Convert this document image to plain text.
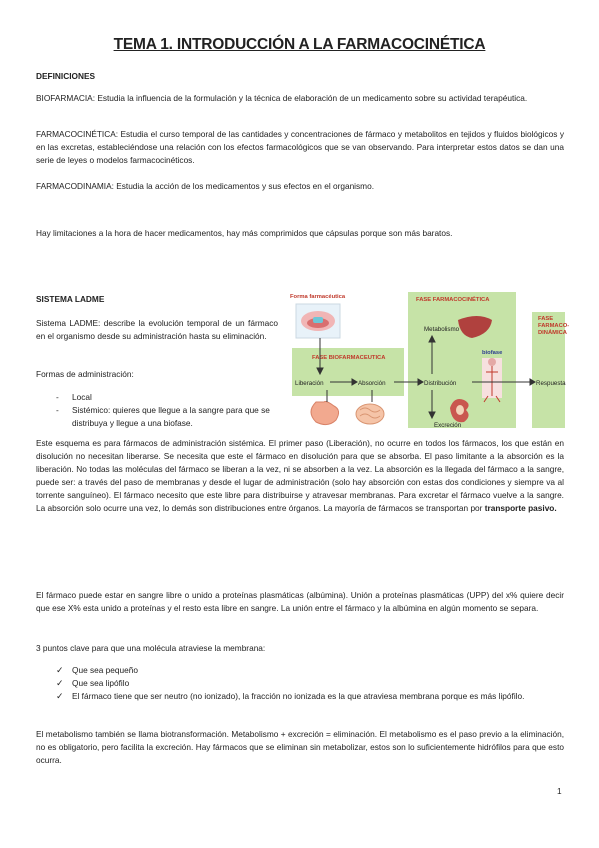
TEMA 1. INTRODUCCIÓN A LA FARMACOCINÉTICA

DEFINICIONES

BIOFARMACIA: Estudia la influencia de la formulación y la técnica de elaboración de un medicamento sobre su actividad terapéutica.

FARMACOCINÉTICA: Estudia el curso temporal de las cantidades y concentraciones de fármaco y metabolitos en tejidos y fluidos biológicos y en las excretas, estableciéndose una relación con los efectos farmacológicos que se van observando. Para interpretar estos datos se dan una serie de leyes o modelos farmacocinéticos.

FARMACODINAMIA: Estudia la acción de los medicamentos y sus efectos en el organismo.

Hay limitaciones a la hora de hacer medicamentos, hay más comprimidos que cápsulas porque son más baratos.

SISTEMA LADME

Sistema LADME: describe la evolución temporal de un fármaco en el organismo desde su administración hasta su eliminación.

Formas de administración:

- Local
- Sistémico: quieres que llegue a la sangre para que se distribuya y llegue a una biofase.
Forma farmacéutica	FASE FARMACOCINÉTICA
FASE BIOFARMACEUTICA
FASE
FARMACO-
DINÁMICA
Liberación	Absorción	Distribución
Metabolismo
Excreción
biofase
Respuesta

Este esquema es para fármacos de administración sistémica. El primer paso (Liberación), no ocurre en todos los fármacos, los que están en disolución no necesitan liberarse. Se necesita que este el fármaco en disolución para que se absorba. El paso limitante a la absorción es la liberación. No todas las moléculas del fármaco se liberan a la vez, ni se absorben a la vez. La absorción es la llegada del fármaco a la sangre, puede ser: a través del paso de membranas y desde el lugar de administración (solo hay absorción con estas dos condiciones y siempre va al torrente sanguíneo). El fármaco necesito que este libre para distribuirse y atravesar membranas. Para excretar el fármaco vuelve a la sangre. La absorción solo ocurre una vez, lo demás son distribuciones entre órganos. La mayoría de fármacos se transportan por transporte pasivo.

El fármaco puede estar en sangre libre o unido a proteínas plasmáticas (albúmina). Unión a proteínas plasmáticas (UPP) del x% quiere decir que ese X% esta unido a proteínas y el resto esta libre en sangre. La unión entre el fármaco y la albúmina en algún momento se separa.

3 puntos clave para que una molécula atraviese la membrana:

✓ Que sea pequeño
✓ Que sea lipófilo
✓ El fármaco tiene que ser neutro (no ionizado), la fracción no ionizada es la que atraviesa membrana porque es más lipófilo.

El metabolismo también se llama biotransformación. Metabolismo + excreción = eliminación. El metabolismo es el paso previo a la eliminación, no es obligatorio, pero facilita la excreción. Hay fármacos que se eliminan sin metabolizar, estos son lo suficientemente hidrófilos para que esto ocurra.

1
